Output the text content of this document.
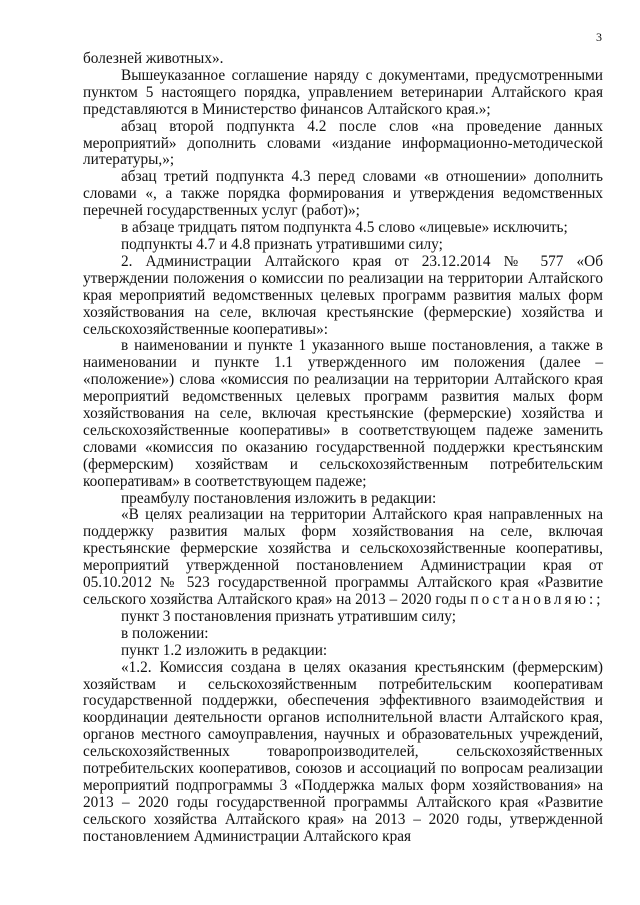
3

болезней животных».

Вышеуказанное соглашение наряду с документами, предусмотренными пунктом 5 настоящего порядка, управлением ветеринарии Алтайского края представляются в Министерство финансов Алтайского края.»;

абзац второй подпункта 4.2 после слов «на проведение данных мероприятий» дополнить словами «издание информационно-методической литературы,»;

абзац третий подпункта 4.3 перед словами «в отношении» дополнить словами «, а также порядка формирования и утверждения ведомственных перечней государственных услуг (работ)»;

в абзаце тридцать пятом подпункта 4.5 слово «лицевые» исключить;

подпункты 4.7 и 4.8 признать утратившими силу;

2. Администрации Алтайского края от 23.12.2014 № 577 «Об утверждении положения о комиссии по реализации на территории Алтайского края мероприятий ведомственных целевых программ развития малых форм хозяйствования на селе, включая крестьянские (фермерские) хозяйства и сельскохозяйственные кооперативы»:

в наименовании и пункте 1 указанного выше постановления, а также в наименовании и пункте 1.1 утвержденного им положения (далее – «положение») слова «комиссия по реализации на территории Алтайского края мероприятий ведомственных целевых программ развития малых форм хозяйствования на селе, включая крестьянские (фермерские) хозяйства и сельскохозяйственные кооперативы» в соответствующем падеже заменить словами «комиссия по оказанию государственной поддержки крестьянским (фермерским) хозяйствам и сельскохозяйственным потребительским кооперативам» в соответствующем падеже;

преамбулу постановления изложить в редакции:

«В целях реализации на территории Алтайского края направленных на поддержку развития малых форм хозяйствования на селе, включая крестьянские фермерские хозяйства и сельскохозяйственные кооперативы, мероприятий утвержденной постановлением Администрации края от 05.10.2012 № 523 государственной программы Алтайского края «Развитие сельского хозяйства Алтайского края» на 2013 – 2020 годы постановляю:;

пункт 3 постановления признать утратившим силу;

в положении:

пункт 1.2 изложить в редакции:

«1.2. Комиссия создана в целях оказания крестьянским (фермерским) хозяйствам и сельскохозяйственным потребительским кооперативам государственной поддержки, обеспечения эффективного взаимодействия и координации деятельности органов исполнительной власти Алтайского края, органов местного самоуправления, научных и образовательных учреждений, сельскохозяйственных товаропроизводителей, сельскохозяйственных потребительских кооперативов, союзов и ассоциаций по вопросам реализации мероприятий подпрограммы 3 «Поддержка малых форм хозяйствования» на 2013 – 2020 годы государственной программы Алтайского края «Развитие сельского хозяйства Алтайского края» на 2013 – 2020 годы, утвержденной постановлением Администрации Алтайского края
